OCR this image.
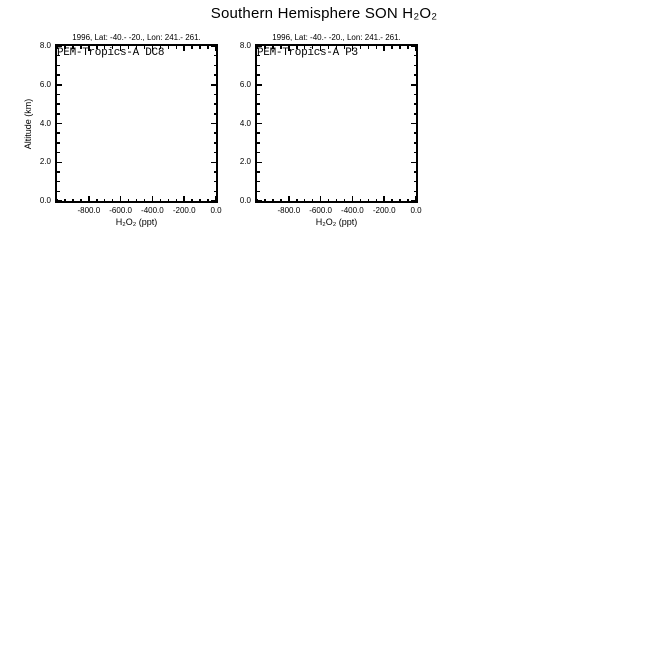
Southern Hemisphere SON H₂O₂
Altitude (km)
1996, Lat: -40.- -20., Lon: 241.- 261.
PEM-Tropics-A DC8
-800.0	-600.0	-400.0	-200.0	0.0
0.0
2.0
4.0
6.0
8.0
H₂O₂ (ppt)
1996, Lat: -40.- -20., Lon: 241.- 261.
PEM-Tropics-A P3
-800.0	-600.0	-400.0	-200.0	0.0
0.0
2.0
4.0
6.0
8.0
H₂O₂ (ppt)
